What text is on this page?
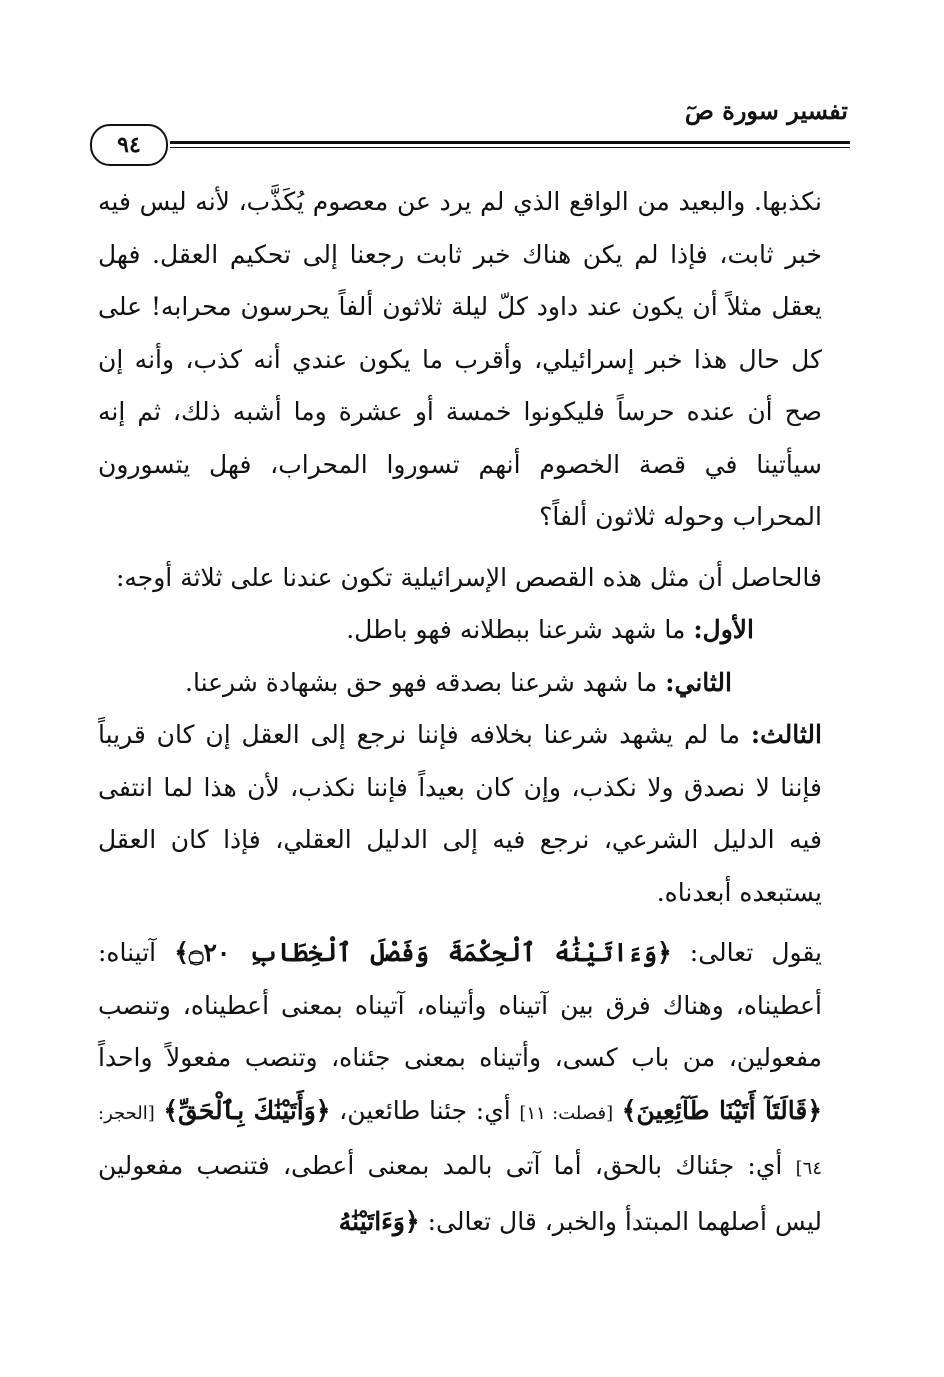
تفسير سورة صٓ
٩٤

نكذبها. والبعيد من الواقع الذي لم يرد عن معصوم يُكَذَّب، لأنه ليس فيه خبر ثابت، فإذا لم يكن هناك خبر ثابت رجعنا إلى تحكيم العقل. فهل يعقل مثلاً أن يكون عند داود كلّ ليلة ثلاثون ألفاً يحرسون محرابه! على كل حال هذا خبر إسرائيلي، وأقرب ما يكون عندي أنه كذب، وأنه إن صح أن عنده حرساً فليكونوا خمسة أو عشرة وما أشبه ذلك، ثم إنه سيأتينا في قصة الخصوم أنهم تسوروا المحراب، فهل يتسورون المحراب وحوله ثلاثون ألفاً؟

فالحاصل أن مثل هذه القصص الإسرائيلية تكون عندنا على ثلاثة أوجه:

الأول: ما شهد شرعنا ببطلانه فهو باطل.

الثاني: ما شهد شرعنا بصدقه فهو حق بشهادة شرعنا.

الثالث: ما لم يشهد شرعنا بخلافه فإننا نرجع إلى العقل إن كان قريباً فإننا لا نصدق ولا نكذب، وإن كان بعيداً فإننا نكذب، لأن هذا لما انتفى فيه الدليل الشرعي، نرجع فيه إلى الدليل العقلي، فإذا كان العقل يستبعده أبعدناه.

يقول تعالى: ﴿وَءَاتَيْنَٰهُ ٱلْحِكْمَةَ وَفَصْلَ ٱلْخِطَابِ ۝٢٠﴾ آتيناه: أعطيناه، وهناك فرق بين آتيناه وأتيناه، آتيناه بمعنى أعطيناه، وتنصب مفعولين، من باب كسى، وأتيناه بمعنى جئناه، وتنصب مفعولاً واحداً ﴿قَالَتَآ أَتَيْنَا طَآئِعِينَ﴾ [فصلت: ١١] أي: جئنا طائعين، ﴿وَأَتَيْنَٰكَ بِٱلْحَقِّ﴾ [الحجر: ٦٤] أي: جئناك بالحق، أما آتى بالمد بمعنى أعطى، فتنصب مفعولين ليس أصلهما المبتدأ والخبر، قال تعالى: ﴿وَءَاتَيْنَٰهُ
